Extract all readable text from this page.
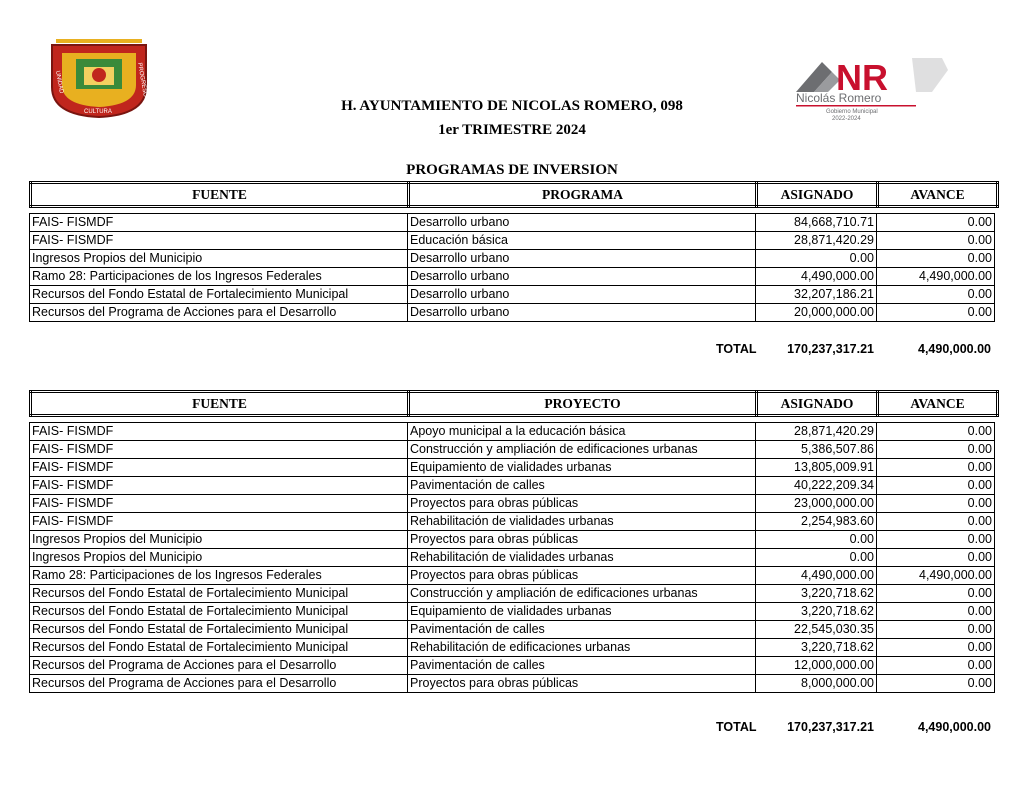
UNIDAD
CULTURA
PROGRESO	NR
Nicolás Romero
Gobierno Municipal
2022-2024
H. AYUNTAMIENTO DE NICOLAS ROMERO, 098
1er TRIMESTRE 2024
PROGRAMAS DE INVERSION
FUENTE	PROGRAMA	ASIGNADO	AVANCE
FAIS- FISMDF	Desarrollo urbano	84,668,710.71	0.00
FAIS- FISMDF	Educación básica	28,871,420.29	0.00
Ingresos Propios del Municipio	Desarrollo urbano	0.00	0.00
Ramo 28: Participaciones de los Ingresos Federales	Desarrollo urbano	4,490,000.00	4,490,000.00
Recursos del Fondo Estatal de Fortalecimiento Municipal	Desarrollo urbano	32,207,186.21	0.00
Recursos del Programa de Acciones para el Desarrollo	Desarrollo urbano	20,000,000.00	0.00
TOTAL 170,237,317.21	4,490,000.00
FUENTE	PROYECTO	ASIGNADO	AVANCE
FAIS- FISMDF	Apoyo municipal a la educación básica	28,871,420.29	0.00
FAIS- FISMDF	Construcción y ampliación de edificaciones urbanas	5,386,507.86	0.00
FAIS- FISMDF	Equipamiento de vialidades urbanas	13,805,009.91	0.00
FAIS- FISMDF	Pavimentación de calles	40,222,209.34	0.00
FAIS- FISMDF	Proyectos para obras públicas	23,000,000.00	0.00
FAIS- FISMDF	Rehabilitación de vialidades urbanas	2,254,983.60	0.00
Ingresos Propios del Municipio	Proyectos para obras públicas	0.00	0.00
Ingresos Propios del Municipio	Rehabilitación de vialidades urbanas	0.00	0.00
Ramo 28: Participaciones de los Ingresos Federales	Proyectos para obras públicas	4,490,000.00	4,490,000.00
Recursos del Fondo Estatal de Fortalecimiento Municipal	Construcción y ampliación de edificaciones urbanas	3,220,718.62	0.00
Recursos del Fondo Estatal de Fortalecimiento Municipal	Equipamiento de vialidades urbanas	3,220,718.62	0.00
Recursos del Fondo Estatal de Fortalecimiento Municipal	Pavimentación de calles	22,545,030.35	0.00
Recursos del Fondo Estatal de Fortalecimiento Municipal	Rehabilitación de edificaciones urbanas	3,220,718.62	0.00
Recursos del Programa de Acciones para el Desarrollo	Pavimentación de calles	12,000,000.00	0.00
Recursos del Programa de Acciones para el Desarrollo	Proyectos para obras públicas	8,000,000.00	0.00
TOTAL 170,237,317.21	4,490,000.00
